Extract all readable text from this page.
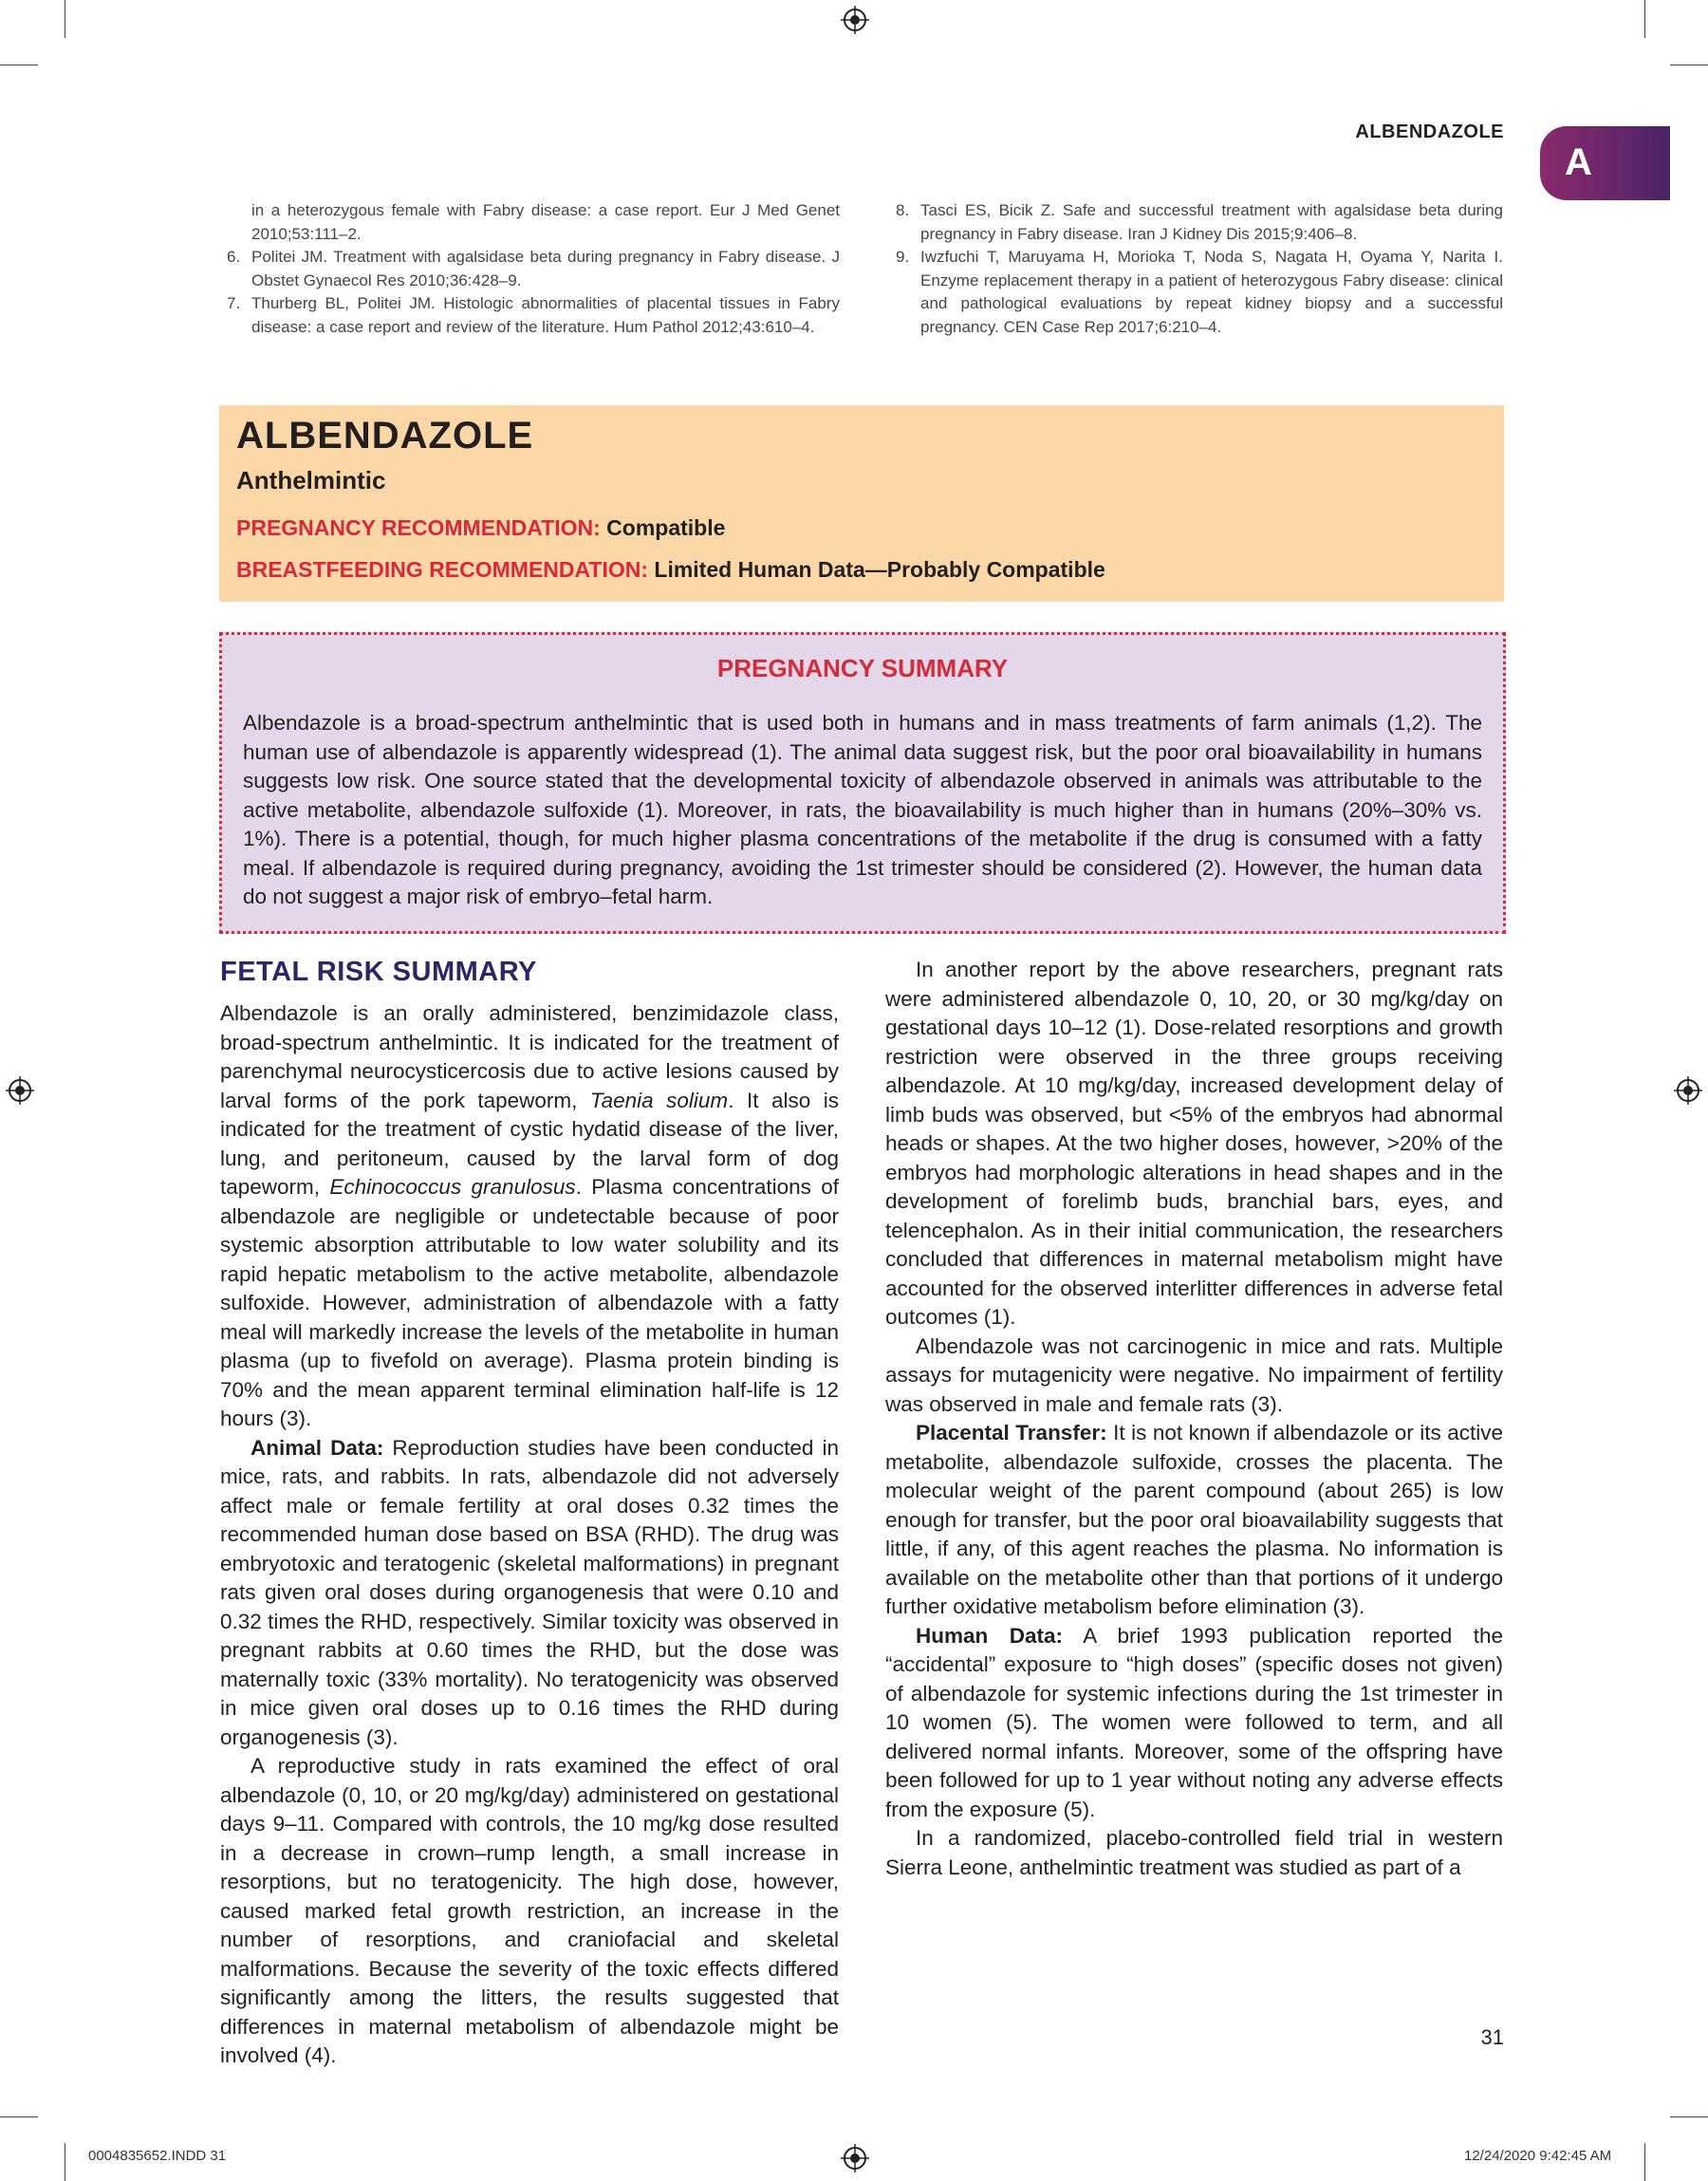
ALBENDAZOLE
A
in a heterozygous female with Fabry disease: a case report. Eur J Med Genet 2010;53:111–2.
6. Politei JM. Treatment with agalsidase beta during pregnancy in Fabry disease. J Obstet Gynaecol Res 2010;36:428–9.
7. Thurberg BL, Politei JM. Histologic abnormalities of placental tissues in Fabry disease: a case report and review of the literature. Hum Pathol 2012;43:610–4.
8. Tasci ES, Bicik Z. Safe and successful treatment with agalsidase beta during pregnancy in Fabry disease. Iran J Kidney Dis 2015;9:406–8.
9. Iwzfuchi T, Maruyama H, Morioka T, Noda S, Nagata H, Oyama Y, Narita I. Enzyme replacement therapy in a patient of heterozygous Fabry disease: clinical and pathological evaluations by repeat kidney biopsy and a successful pregnancy. CEN Case Rep 2017;6:210–4.
ALBENDAZOLE
Anthelmintic
PREGNANCY RECOMMENDATION: Compatible
BREASTFEEDING RECOMMENDATION: Limited Human Data—Probably Compatible
PREGNANCY SUMMARY
Albendazole is a broad-spectrum anthelmintic that is used both in humans and in mass treatments of farm animals (1,2). The human use of albendazole is apparently widespread (1). The animal data suggest risk, but the poor oral bioavailability in humans suggests low risk. One source stated that the developmental toxicity of albendazole observed in animals was attributable to the active metabolite, albendazole sulfoxide (1). Moreover, in rats, the bioavailability is much higher than in humans (20%–30% vs. 1%). There is a potential, though, for much higher plasma concentrations of the metabolite if the drug is consumed with a fatty meal. If albendazole is required during pregnancy, avoiding the 1st trimester should be considered (2). However, the human data do not suggest a major risk of embryo–fetal harm.
FETAL RISK SUMMARY

Albendazole is an orally administered, benzimidazole class, broad-spectrum anthelmintic. It is indicated for the treatment of parenchymal neurocysticercosis due to active lesions caused by larval forms of the pork tapeworm, Taenia solium. It also is indicated for the treatment of cystic hydatid disease of the liver, lung, and peritoneum, caused by the larval form of dog tapeworm, Echinococcus granulosus. Plasma concentrations of albendazole are negligible or undetectable because of poor systemic absorption attributable to low water solubility and its rapid hepatic metabolism to the active metabolite, albendazole sulfoxide. However, administration of albendazole with a fatty meal will markedly increase the levels of the metabolite in human plasma (up to fivefold on average). Plasma protein binding is 70% and the mean apparent terminal elimination half-life is 12 hours (3).

Animal Data: Reproduction studies have been conducted in mice, rats, and rabbits. In rats, albendazole did not adversely affect male or female fertility at oral doses 0.32 times the recommended human dose based on BSA (RHD). The drug was embryotoxic and teratogenic (skeletal malformations) in pregnant rats given oral doses during organogenesis that were 0.10 and 0.32 times the RHD, respectively. Similar toxicity was observed in pregnant rabbits at 0.60 times the RHD, but the dose was maternally toxic (33% mortality). No teratogenicity was observed in mice given oral doses up to 0.16 times the RHD during organogenesis (3).

A reproductive study in rats examined the effect of oral albendazole (0, 10, or 20 mg/kg/day) administered on gestational days 9–11. Compared with controls, the 10 mg/kg dose resulted in a decrease in crown–rump length, a small increase in resorptions, but no teratogenicity. The high dose, however, caused marked fetal growth restriction, an increase in the number of resorptions, and craniofacial and skeletal malformations. Because the severity of the toxic effects differed significantly among the litters, the results suggested that differences in maternal metabolism of albendazole might be involved (4).

In another report by the above researchers, pregnant rats were administered albendazole 0, 10, 20, or 30 mg/kg/day on gestational days 10–12 (1). Dose-related resorptions and growth restriction were observed in the three groups receiving albendazole. At 10 mg/kg/day, increased development delay of limb buds was observed, but <5% of the embryos had abnormal heads or shapes. At the two higher doses, however, >20% of the embryos had morphologic alterations in head shapes and in the development of forelimb buds, branchial bars, eyes, and telencephalon. As in their initial communication, the researchers concluded that differences in maternal metabolism might have accounted for the observed interlitter differences in adverse fetal outcomes (1).

Albendazole was not carcinogenic in mice and rats. Multiple assays for mutagenicity were negative. No impairment of fertility was observed in male and female rats (3).

Placental Transfer: It is not known if albendazole or its active metabolite, albendazole sulfoxide, crosses the placenta. The molecular weight of the parent compound (about 265) is low enough for transfer, but the poor oral bioavailability suggests that little, if any, of this agent reaches the plasma. No information is available on the metabolite other than that portions of it undergo further oxidative metabolism before elimination (3).

Human Data: A brief 1993 publication reported the “accidental” exposure to “high doses” (specific doses not given) of albendazole for systemic infections during the 1st trimester in 10 women (5). The women were followed to term, and all delivered normal infants. Moreover, some of the offspring have been followed for up to 1 year without noting any adverse effects from the exposure (5).

In a randomized, placebo-controlled field trial in western Sierra Leone, anthelmintic treatment was studied as part of a

31
0004835652.INDD 31	12/24/2020 9:42:45 AM
